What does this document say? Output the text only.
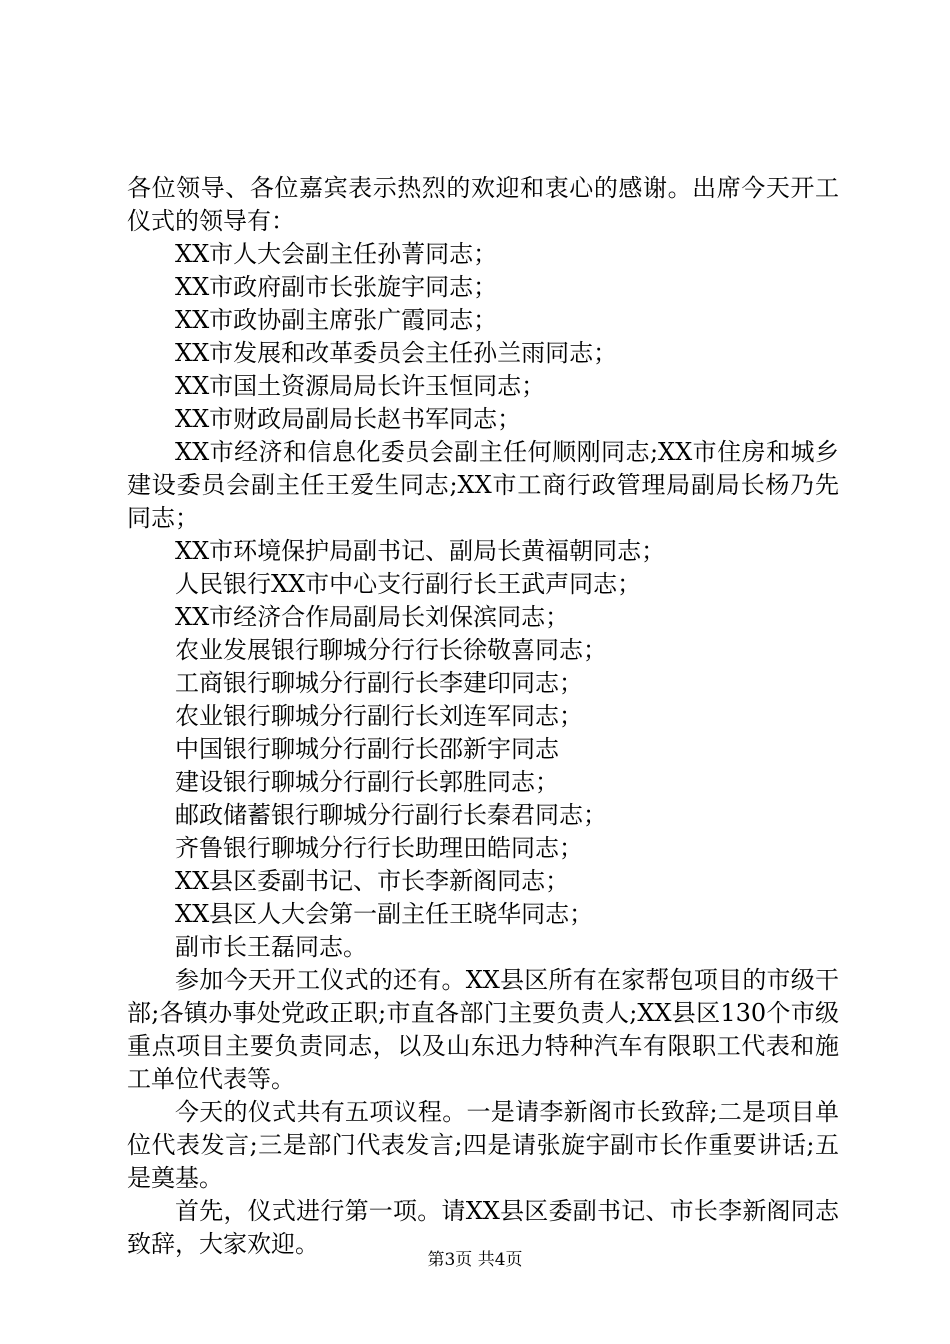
各位领导、各位嘉宾表示热烈的欢迎和衷心的感谢。出席今天开工仪式的领导有：

XX市人大会副主任孙菁同志；

XX市政府副市长张旋宇同志；

XX市政协副主席张广霞同志；

XX市发展和改革委员会主任孙兰雨同志；

XX市国土资源局局长许玉恒同志；

XX市财政局副局长赵书军同志；

XX市经济和信息化委员会副主任何顺刚同志;XX市住房和城乡建设委员会副主任王爱生同志;XX市工商行政管理局副局长杨乃先同志；

XX市环境保护局副书记、副局长黄福朝同志；

人民银行XX市中心支行副行长王武声同志；

XX市经济合作局副局长刘保滨同志；

农业发展银行聊城分行行长徐敬喜同志；

工商银行聊城分行副行长李建印同志；

农业银行聊城分行副行长刘连军同志；

中国银行聊城分行副行长邵新宇同志

建设银行聊城分行副行长郭胜同志；

邮政储蓄银行聊城分行副行长秦君同志；

齐鲁银行聊城分行行长助理田皓同志；

XX县区委副书记、市长李新阁同志；

XX县区人大会第一副主任王晓华同志；

副市长王磊同志。

参加今天开工仪式的还有。XX县区所有在家帮包项目的市级干部;各镇办事处党政正职;市直各部门主要负责人;XX县区130个市级重点项目主要负责同志，以及山东迅力特种汽车有限职工代表和施工单位代表等。

今天的仪式共有五项议程。一是请李新阁市长致辞;二是项目单位代表发言;三是部门代表发言;四是请张旋宇副市长作重要讲话;五是奠基。

首先，仪式进行第一项。请XX县区委副书记、市长李新阁同志致辞，大家欢迎。

第3页 共4页
